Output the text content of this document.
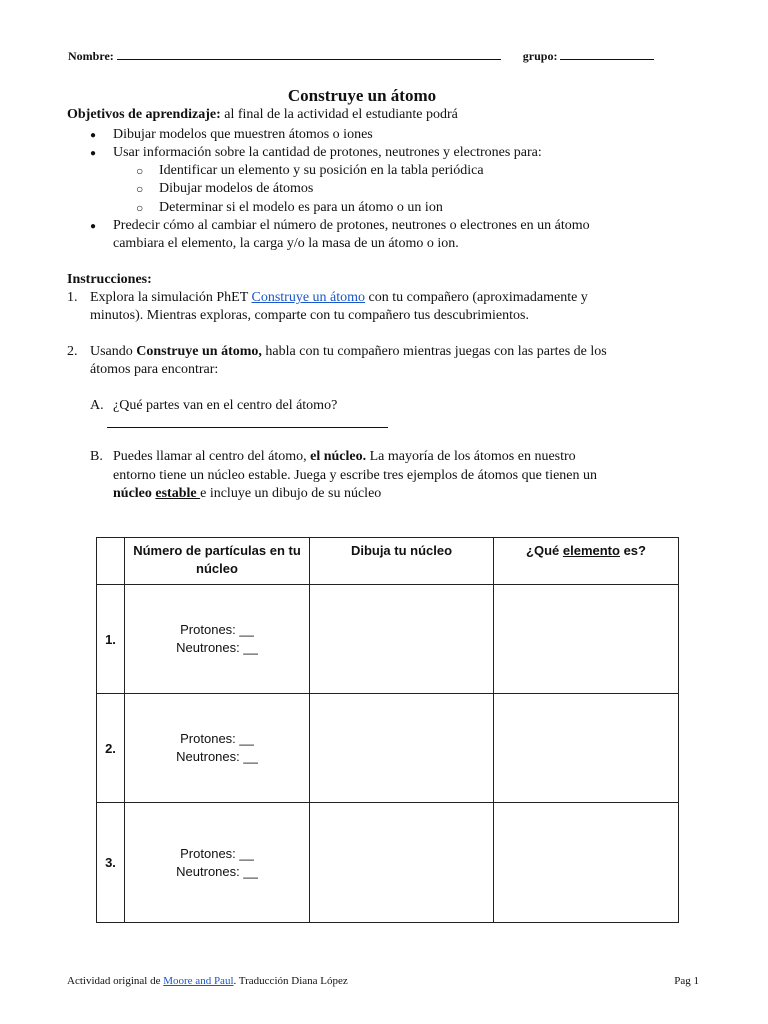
Nombre:	grupo:
Construye un átomo
Objetivos de aprendizaje: al final de la actividad el estudiante podrá
● Dibujar modelos que muestren átomos o iones
● Usar información sobre la cantidad de protones, neutrones y electrones para:
○ Identificar un elemento y su posición en la tabla periódica
○ Dibujar modelos de átomos
○ Determinar si el modelo es para un átomo o un ion
● Predecir cómo al cambiar el número de protones, neutrones o electrones en un átomo
cambiara el elemento, la carga y/o la masa de un átomo o ion.
Instrucciones:
1. Explora la simulación PhET Construye un átomo con tu compañero (aproximadamente y
minutos). Mientras exploras, comparte con tu compañero tus descubrimientos.
2. Usando Construye un átomo, habla con tu compañero mientras juegas con las partes de los
átomos para encontrar:
A. ¿Qué partes van en el centro del átomo?
B. Puedes llamar al centro del átomo, el núcleo. La mayoría de los átomos en nuestro
entorno tiene un núcleo estable. Juega y escribe tres ejemplos de átomos que tienen un
núcleo estable e incluye un dibujo de su núcleo
	Número de partículas en tu núcleo	Dibuja tu núcleo	¿Qué elemento es?
1.	Protones: __
Neutrones: __		

2.	Protones: __
Neutrones: __		

3.	Protones: __
Neutrones: __		

Actividad original de Moore and Paul. Traducción Diana López	Pag 1
